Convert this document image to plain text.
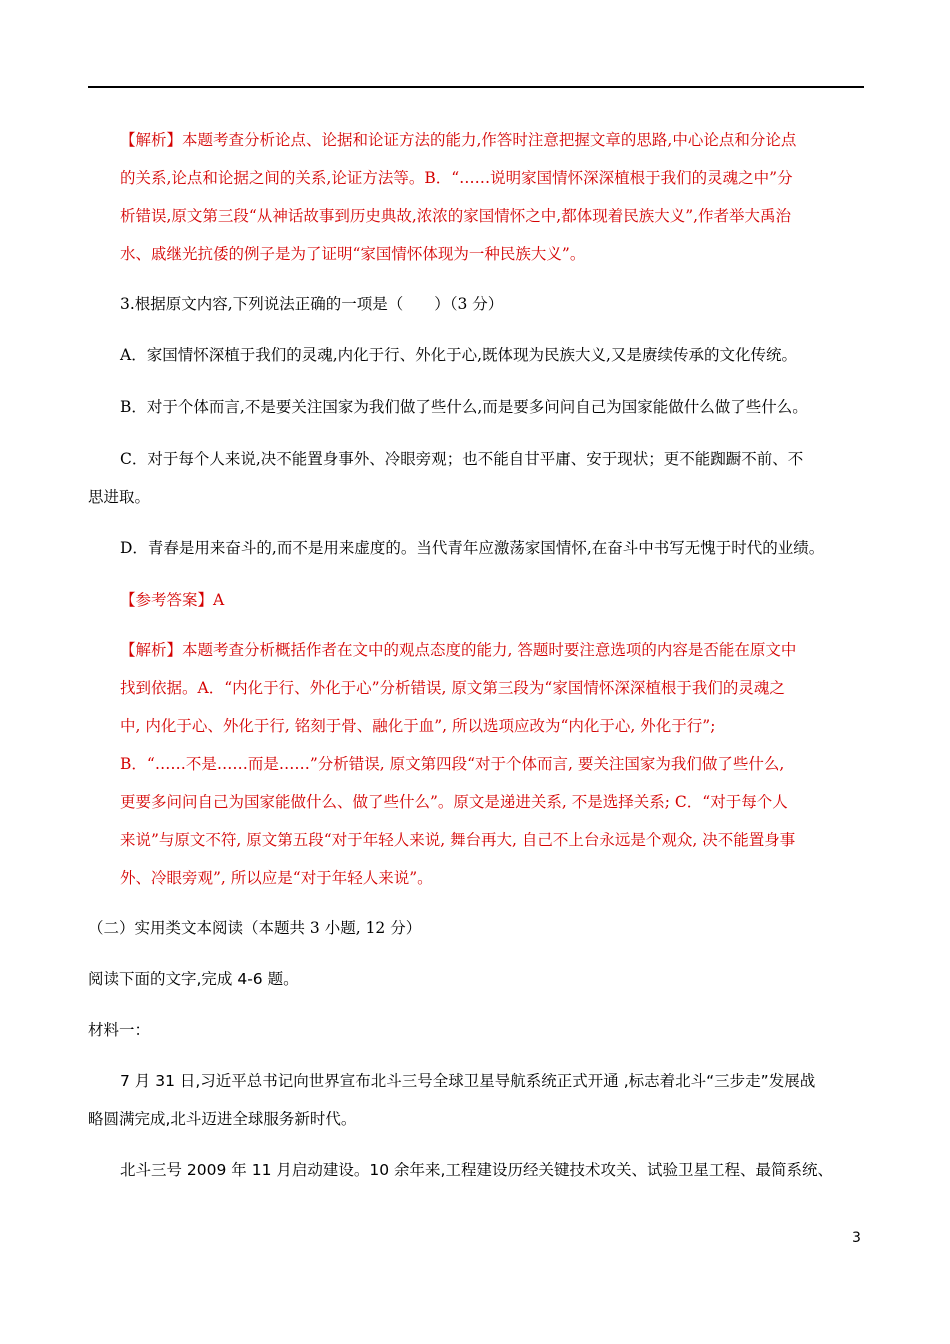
【解析】本题考查分析论点、论据和论证方法的能力,作答时注意把握文章的思路,中心论点和分论点
的关系,论点和论据之间的关系,论证方法等。B．“……说明家国情怀深深植根于我们的灵魂之中”分
析错误,原文第三段“从神话故事到历史典故,浓浓的家国情怀之中,都体现着民族大义”,作者举大禹治
水、戚继光抗倭的例子是为了证明“家国情怀体现为一种民族大义”。
3.根据原文内容,下列说法正确的一项是（　　）（3 分）
A．家国情怀深植于我们的灵魂,内化于行、外化于心,既体现为民族大义,又是赓续传承的文化传统。
B．对于个体而言,不是要关注国家为我们做了些什么,而是要多问问自己为国家能做什么做了些什么。
C．对于每个人来说,决不能置身事外、冷眼旁观；也不能自甘平庸、安于现状；更不能踟蹰不前、不
思进取。
D．青春是用来奋斗的,而不是用来虚度的。当代青年应激荡家国情怀,在奋斗中书写无愧于时代的业绩。
【参考答案】A
【解析】本题考查分析概括作者在文中的观点态度的能力, 答题时要注意选项的内容是否能在原文中
找到依据。A．“内化于行、外化于心”分析错误, 原文第三段为“家国情怀深深植根于我们的灵魂之
中, 内化于心、外化于行, 铭刻于骨、融化于血”, 所以选项应改为“内化于心, 外化于行”;
B．“……不是……而是……”分析错误, 原文第四段“对于个体而言, 要关注国家为我们做了些什么,
更要多问问自己为国家能做什么、做了些什么”。原文是递进关系, 不是选择关系; C．“对于每个人
来说”与原文不符, 原文第五段“对于年轻人来说, 舞台再大, 自己不上台永远是个观众, 决不能置身事
外、冷眼旁观”, 所以应是“对于年轻人来说”。
（二）实用类文本阅读（本题共 3 小题, 12 分）
阅读下面的文字,完成 4-6 题。
材料一：
7 月 31 日,习近平总书记向世界宣布北斗三号全球卫星导航系统正式开通 ,标志着北斗“三步走”发展战
略圆满完成,北斗迈进全球服务新时代。
北斗三号 2009 年 11 月启动建设。10 余年来,工程建设历经关键技术攻关、试验卫星工程、最简系统、
3
